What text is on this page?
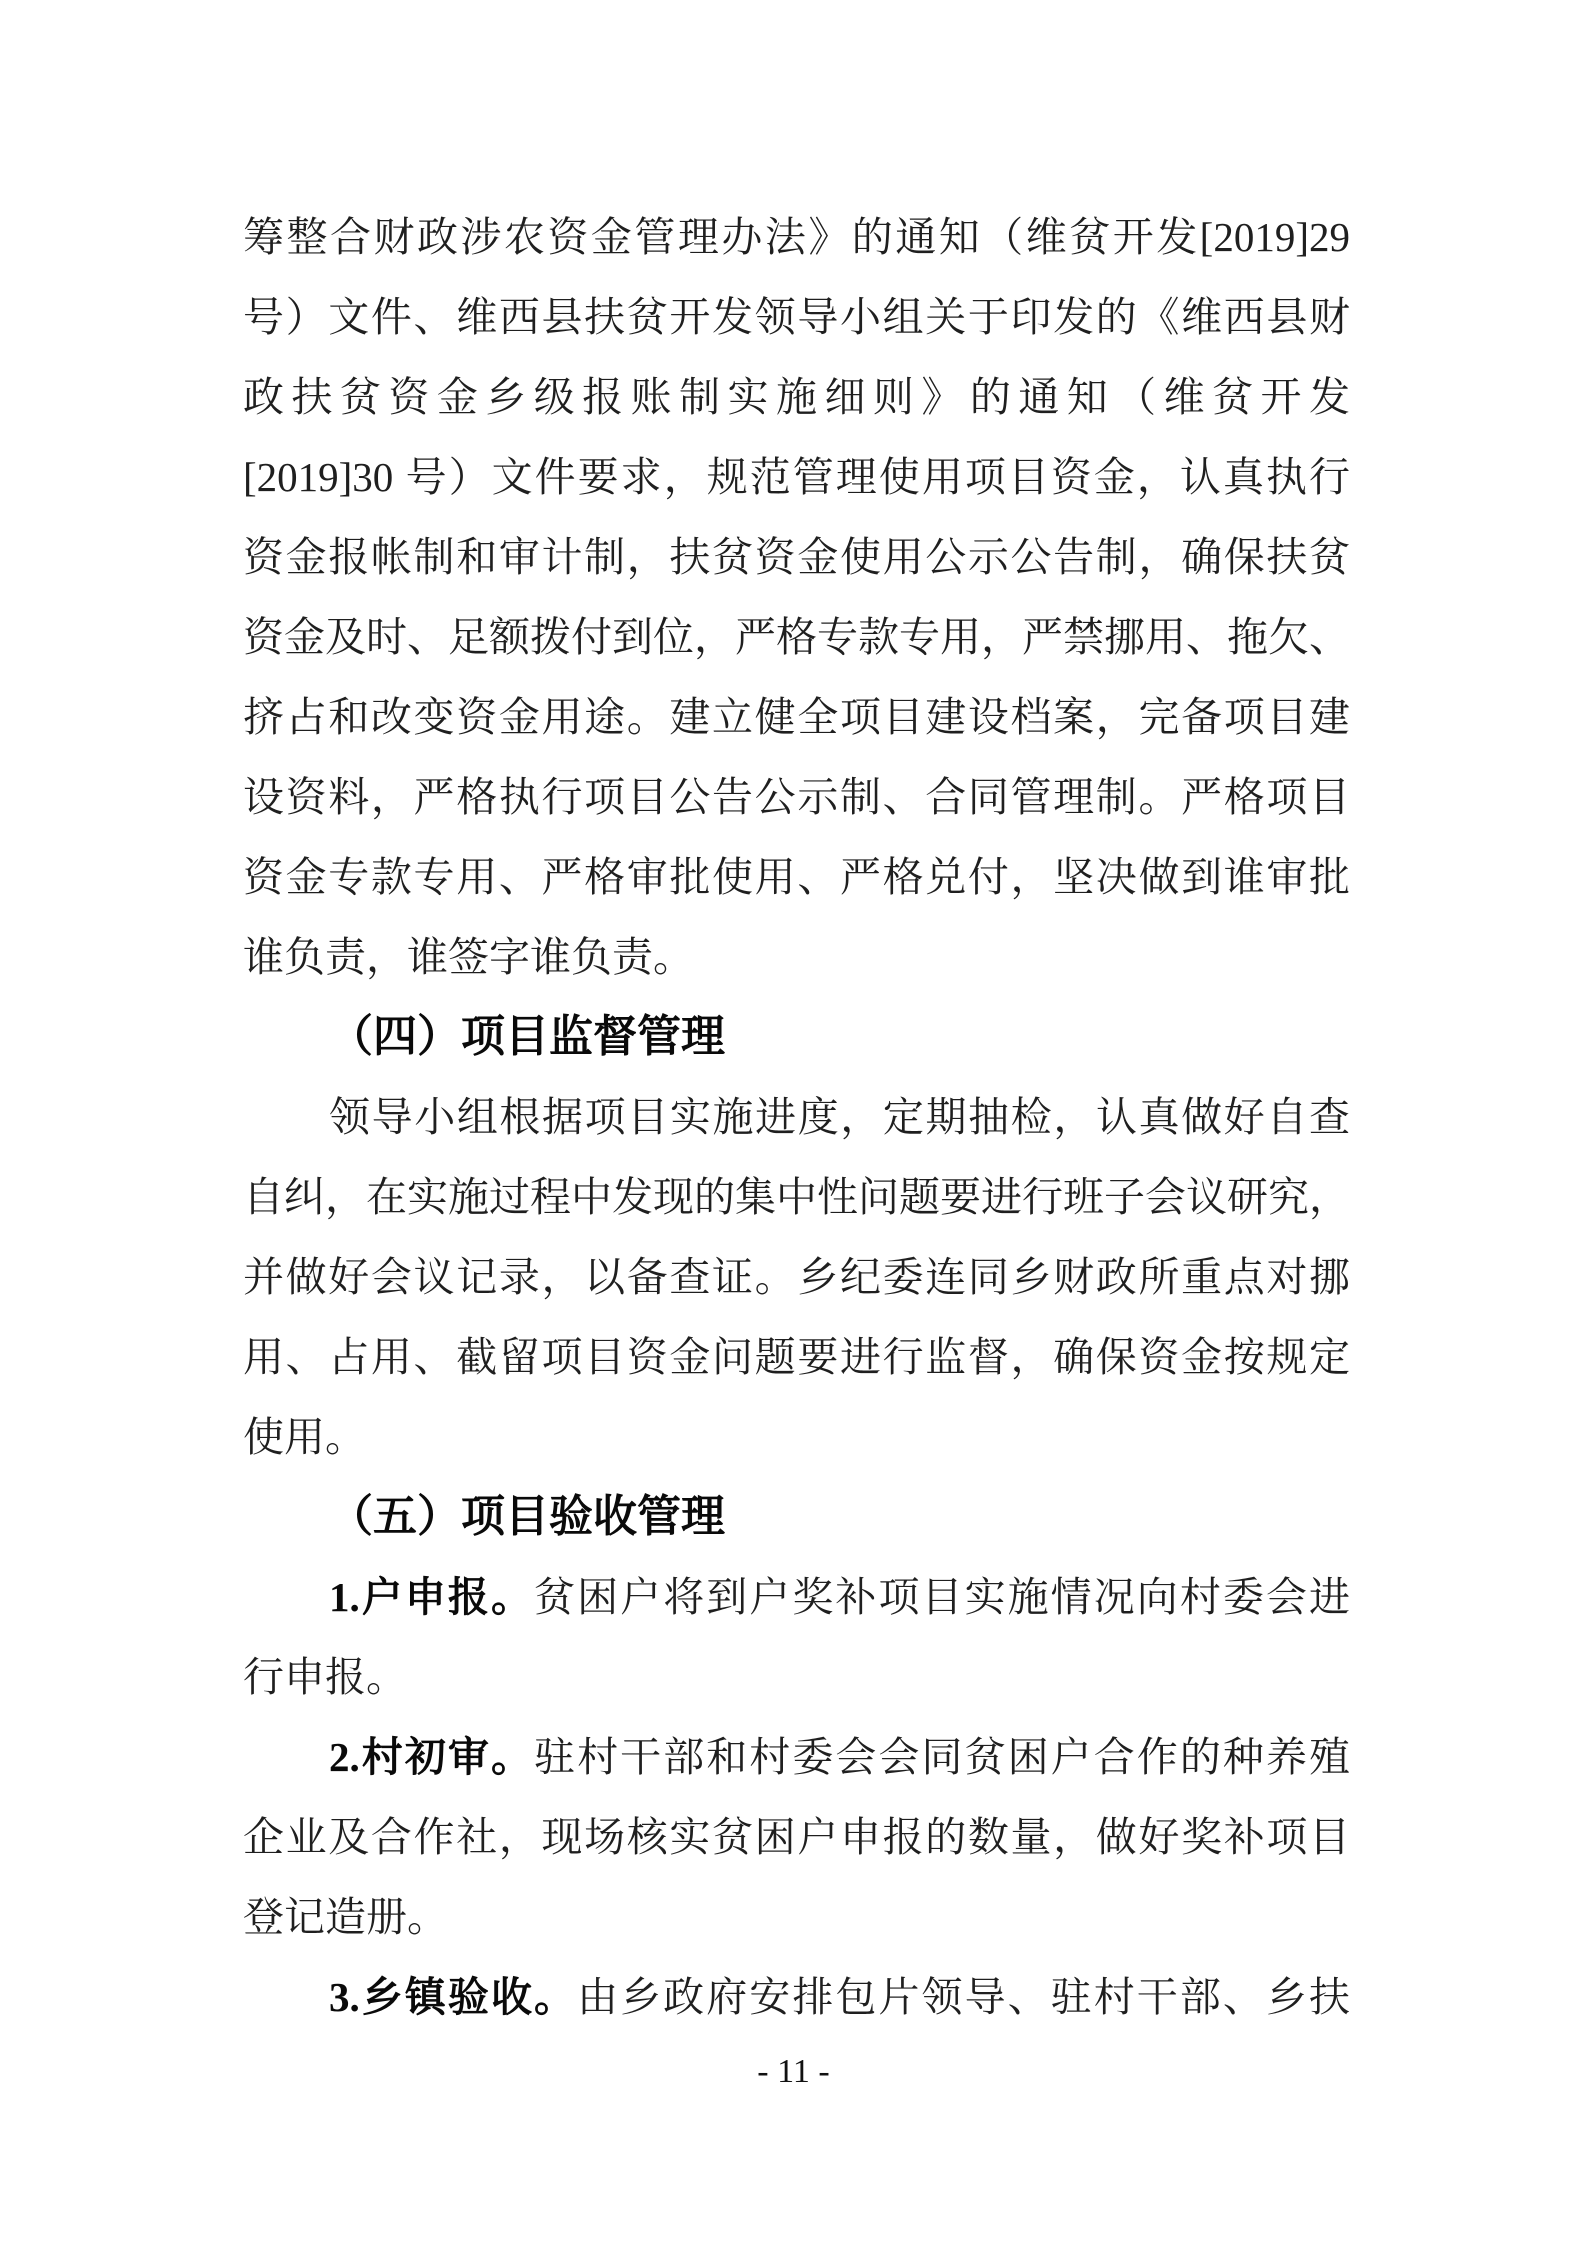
筹整合财政涉农资金管理办法》的通知（维贫开发[2019]29
号）文件、维西县扶贫开发领导小组关于印发的《维西县财
政扶贫资金乡级报账制实施细则》的通知（维贫开发
[2019]30 号）文件要求，规范管理使用项目资金，认真执行
资金报帐制和审计制，扶贫资金使用公示公告制，确保扶贫
资金及时、足额拨付到位，严格专款专用，严禁挪用、拖欠、
挤占和改变资金用途。建立健全项目建设档案，完备项目建
设资料，严格执行项目公告公示制、合同管理制。严格项目
资金专款专用、严格审批使用、严格兑付，坚决做到谁审批
谁负责，谁签字谁负责。
（四）项目监督管理
领导小组根据项目实施进度，定期抽检，认真做好自查
自纠，在实施过程中发现的集中性问题要进行班子会议研究，
并做好会议记录，以备查证。乡纪委连同乡财政所重点对挪
用、占用、截留项目资金问题要进行监督，确保资金按规定
使用。
（五）项目验收管理
1.户申报。贫困户将到户奖补项目实施情况向村委会进
行申报。
2.村初审。驻村干部和村委会会同贫困户合作的种养殖
企业及合作社，现场核实贫困户申报的数量，做好奖补项目
登记造册。
3.乡镇验收。由乡政府安排包片领导、驻村干部、乡扶
- 11 -
